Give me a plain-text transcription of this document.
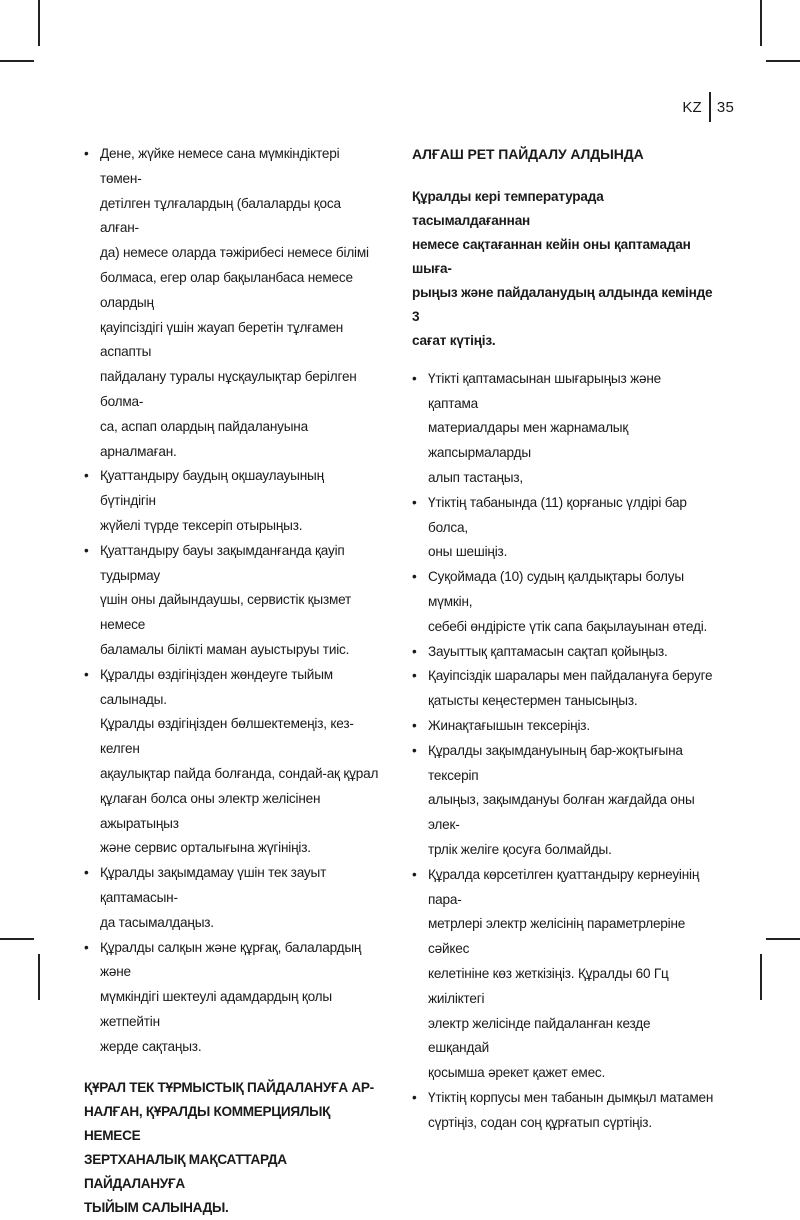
KZ 35
• Дене, жүйке немесе сана мүмкіндіктері төмен-
детілген тұлғалардың (балаларды қоса алған-
да) немесе оларда тәжірибесі немесе білімі
болмаса, егер олар бақыланбаса немесе олардың
қауіпсіздігі үшін жауап беретін тұлғамен аспапты
пайдалану туралы нұсқаулықтар берілген болма-
са, аспап олардың пайдалануына арналмаған.
• Қуаттандыру баудың оқшаулауының бүтіндігін
жүйелі түрде тексеріп отырыңыз.
• Қуаттандыру бауы зақымданғанда қауіп тудырмау
үшін оны дайындаушы, сервистік қызмет немесе
баламалы білікті маман ауыстыруы тиіс.
• Құралды өздігіңізден жөндеуге тыйым салынады.
Құралды өздігіңізден бөлшектемеңіз, кез- келген
ақаулықтар пайда болғанда, сондай-ақ құрал
құлаған болса оны электр желісінен ажыратыңыз
және сервис орталығына жүгініңіз.
• Құралды зақымдамау үшін тек зауыт қаптамасын-
да тасымалдаңыз.
• Құралды салқын және құрғақ, балалардың және
мүмкіндігі шектеулі адамдардың қолы жетпейтін
жерде сақтаңыз.
ҚҰРАЛ ТЕК ТҰРМЫСТЫҚ ПАЙДАЛАНУҒА АР-
НАЛҒАН, ҚҰРАЛДЫ КОММЕРЦИЯЛЫҚ НЕМЕСЕ
ЗЕРТХАНАЛЫҚ МАҚСАТТАРДА ПАЙДАЛАНУҒА
ТЫЙЫМ САЛЫНАДЫ.
АЛҒАШ РЕТ ПАЙДАЛУ АЛДЫНДА
Құралды кері температурада тасымалдағаннан
немесе сақтағаннан кейін оны қаптамадан шыға-
рыңыз және пайдаланудың алдында кемінде 3
сағат күтіңіз.
• Үтікті қаптамасынан шығарыңыз және қаптама
материалдары мен жарнамалық жапсырмаларды
алып тастаңыз,
• Үтіктің табанында (11) қорғаныс үлдірі бар болса,
оны шешіңіз.
• Суқоймада (10) судың қалдықтары болуы мүмкін,
себебі өндірісте үтік сапа бақылауынан өтеді.
• Зауыттық қаптамасын сақтап қойыңыз.
• Қауіпсіздік шаралары мен пайдалануға беруге
қатысты кеңестермен танысыңыз.
• Жинақтағышын тексеріңіз.
• Құралды зақымдануының бар-жоқтығына тексеріп
алыңыз, зақымдануы болған жағдайда оны элек-
трлік желіге қосуға болмайды.
• Құралда көрсетілген қуаттандыру кернеуінің пара-
метрлері электр желісінің параметрлеріне сәйкес
келетініне көз жеткізіңіз. Құралды 60 Гц жиіліктегі
электр желісінде пайдаланған кезде ешқандай
қосымша әрекет қажет емес.
• Үтіктің корпусы мен табанын дымқыл матамен
сүртіңіз, содан соң құрғатып сүртіңіз.
